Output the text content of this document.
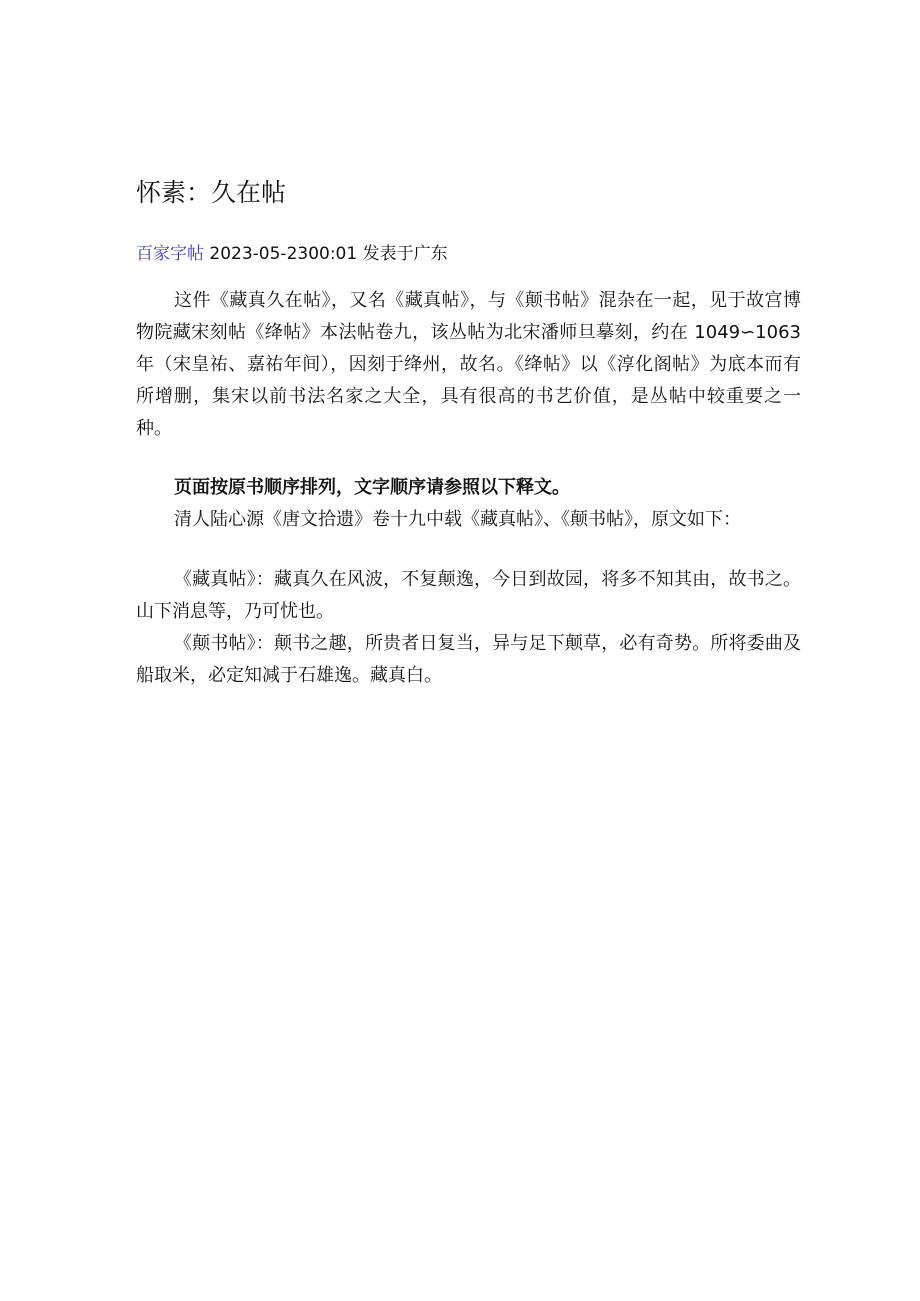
怀素：久在帖
百家字帖 2023-05-2300:01 发表于广东

这件《藏真久在帖》，又名《藏真帖》，与《颠书帖》混杂在一起，见于故宫博物院藏宋刻帖《绛帖》本法帖卷九，该丛帖为北宋潘师旦摹刻，约在 1049∽1063 年（宋皇祐、嘉祐年间），因刻于绛州，故名。《绛帖》以《淳化阁帖》为底本而有所增删，集宋以前书法名家之大全，具有很高的书艺价值，是丛帖中较重要之一种。

页面按原书顺序排列，文字顺序请参照以下释文。

清人陆心源《唐文拾遗》卷十九中载《藏真帖》、《颠书帖》，原文如下：

《藏真帖》：藏真久在风波，不复颠逸，今日到故园，将多不知其由，故书之。山下消息等，乃可忧也。

《颠书帖》：颠书之趣，所贵者日复当，异与足下颠草，必有奇势。所将委曲及船取米，必定知减于石雄逸。藏真白。
